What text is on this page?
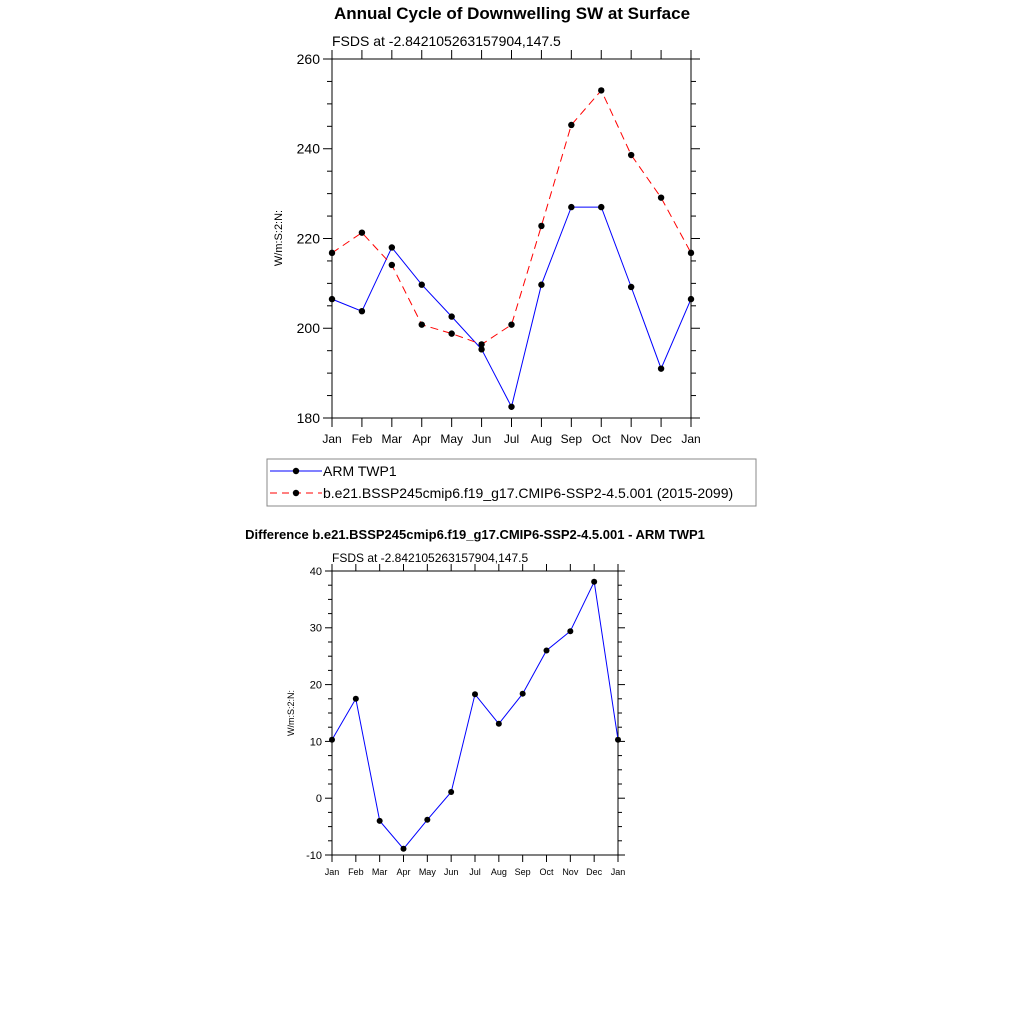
Annual Cycle of Downwelling SW at Surface
FSDS at -2.842105263157904,147.5
W/m:S:2:N:
180
200
220
240
260
Jan Feb Mar Apr May Jun Jul Aug Sep Oct Nov Dec Jan
ARM TWP1
b.e21.BSSP245cmip6.f19_g17.CMIP6-SSP2-4.5.001 (2015-2099)
Difference b.e21.BSSP245cmip6.f19_g17.CMIP6-SSP2-4.5.001 - ARM TWP1
FSDS at -2.842105263157904,147.5
W/m:S:2:N:
-10
0
10
20
30
40
Jan Feb Mar Apr May Jun Jul Aug Sep Oct Nov Dec Jan
